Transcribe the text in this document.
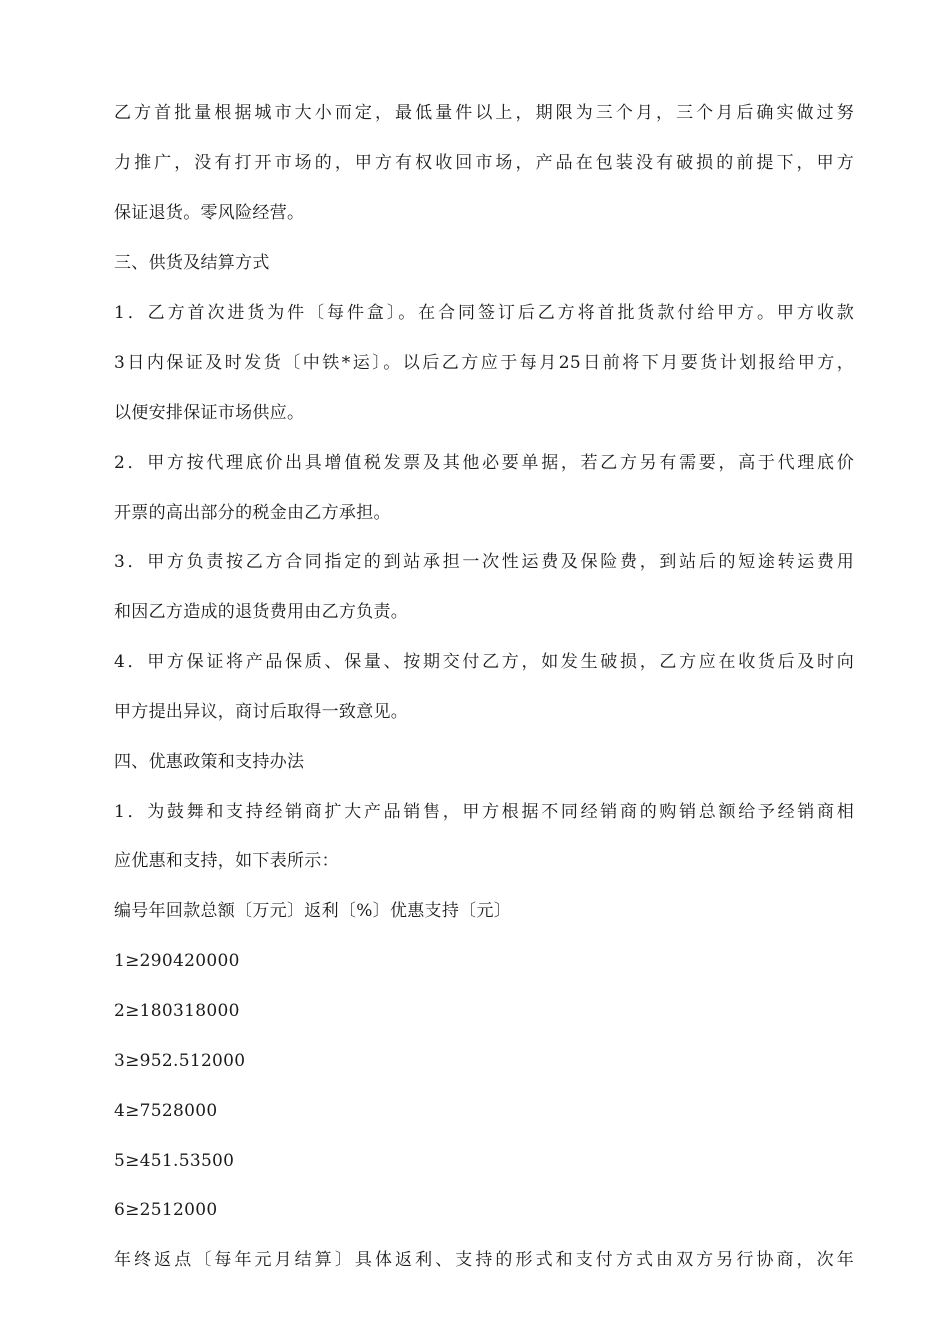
乙方首批量根据城市大小而定，最低量件以上，期限为三个月，三个月后确实做过努
力推广，没有打开市场的，甲方有权收回市场，产品在包装没有破损的前提下，甲方
保证退货。零风险经营。
三、供货及结算方式
1．乙方首次进货为件〔每件盒〕。在合同签订后乙方将首批货款付给甲方。甲方收款
3日内保证及时发货〔中铁*运〕。以后乙方应于每月25日前将下月要货计划报给甲方，
以便安排保证市场供应。
2．甲方按代理底价出具增值税发票及其他必要单据，若乙方另有需要，高于代理底价
开票的高出部分的税金由乙方承担。
3．甲方负责按乙方合同指定的到站承担一次性运费及保险费，到站后的短途转运费用
和因乙方造成的退货费用由乙方负责。
4．甲方保证将产品保质、保量、按期交付乙方，如发生破损，乙方应在收货后及时向
甲方提出异议，商讨后取得一致意见。
四、优惠政策和支持办法
1．为鼓舞和支持经销商扩大产品销售，甲方根据不同经销商的购销总额给予经销商相
应优惠和支持，如下表所示：
编号年回款总额〔万元〕返利〔%〕优惠支持〔元〕
1≥290420000
2≥180318000
3≥952.512000
4≥7528000
5≥451.53500
6≥2512000
年终返点〔每年元月结算〕具体返利、支持的形式和支付方式由双方另行协商，次年
